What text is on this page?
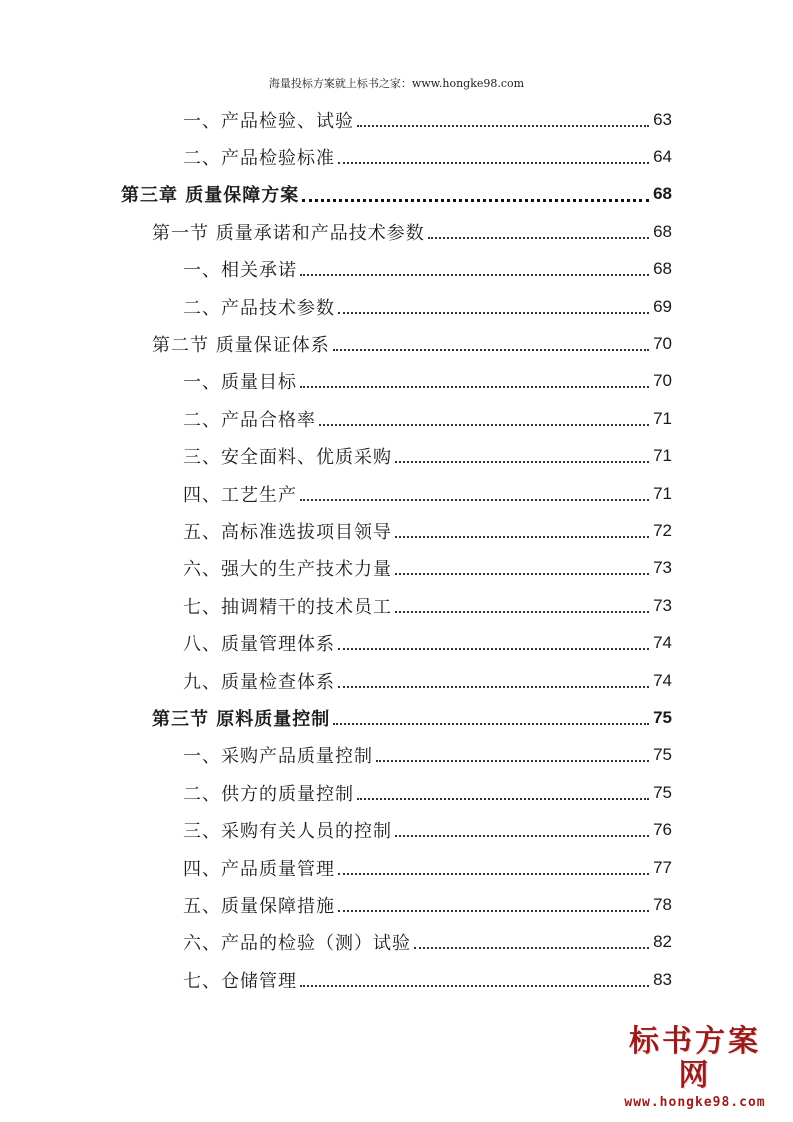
海量投标方案就上标书之家：www.hongke98.com
一、产品检验、试验	63
二、产品检验标准	64
第三章 质量保障方案	68
第一节 质量承诺和产品技术参数	68
一、相关承诺	68
二、产品技术参数	69
第二节 质量保证体系	70
一、质量目标	70
二、产品合格率	71
三、安全面料、优质采购	71
四、工艺生产	71
五、高标准选拔项目领导	72
六、强大的生产技术力量	73
七、抽调精干的技术员工	73
八、质量管理体系	74
九、质量检查体系	74
第三节 原料质量控制	75
一、采购产品质量控制	75
二、供方的质量控制	75
三、采购有关人员的控制	76
四、产品质量管理	77
五、质量保障措施	78
六、产品的检验（测）试验	82
七、仓储管理	83
标书方案网
www.hongke98.com
